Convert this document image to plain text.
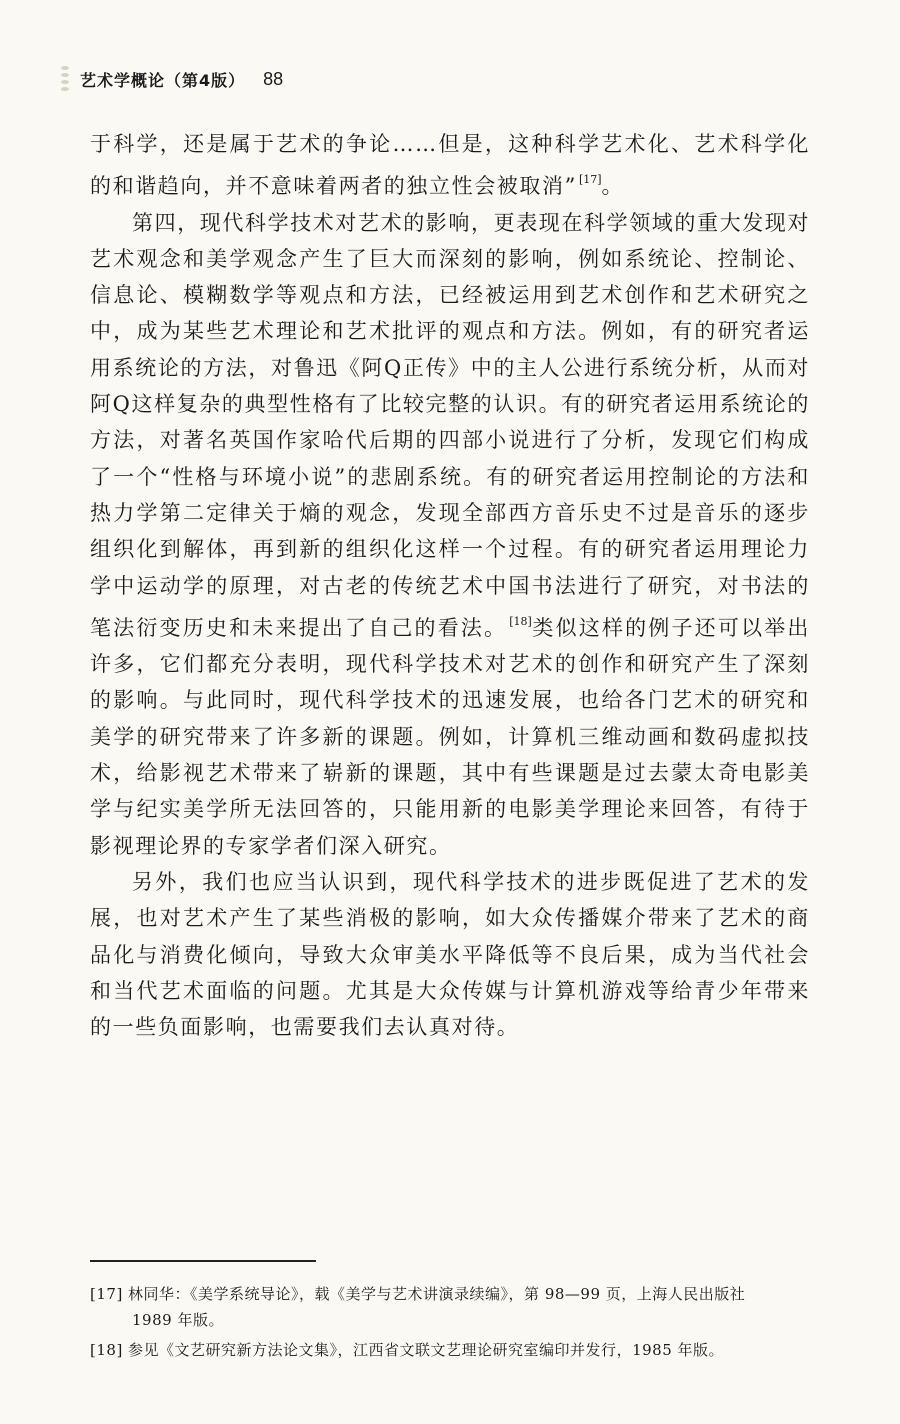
艺术学概论（第4版） 88

于科学，还是属于艺术的争论……但是，这种科学艺术化、艺术科学化的和谐趋向，并不意味着两者的独立性会被取消” [17]。

第四，现代科学技术对艺术的影响，更表现在科学领域的重大发现对艺术观念和美学观念产生了巨大而深刻的影响，例如系统论、控制论、信息论、模糊数学等观点和方法，已经被运用到艺术创作和艺术研究之中，成为某些艺术理论和艺术批评的观点和方法。例如，有的研究者运用系统论的方法，对鲁迅《阿Q正传》中的主人公进行系统分析，从而对阿Q这样复杂的典型性格有了比较完整的认识。有的研究者运用系统论的方法，对著名英国作家哈代后期的四部小说进行了分析，发现它们构成了一个“性格与环境小说”的悲剧系统。有的研究者运用控制论的方法和热力学第二定律关于熵的观念，发现全部西方音乐史不过是音乐的逐步组织化到解体，再到新的组织化这样一个过程。有的研究者运用理论力学中运动学的原理，对古老的传统艺术中国书法进行了研究，对书法的笔法衍变历史和未来提出了自己的看法。 [18]类似这样的例子还可以举出许多，它们都充分表明，现代科学技术对艺术的创作和研究产生了深刻的影响。与此同时，现代科学技术的迅速发展，也给各门艺术的研究和美学的研究带来了许多新的课题。例如，计算机三维动画和数码虚拟技术，给影视艺术带来了崭新的课题，其中有些课题是过去蒙太奇电影美学与纪实美学所无法回答的，只能用新的电影美学理论来回答，有待于影视理论界的专家学者们深入研究。

另外，我们也应当认识到，现代科学技术的进步既促进了艺术的发展，也对艺术产生了某些消极的影响，如大众传播媒介带来了艺术的商品化与消费化倾向，导致大众审美水平降低等不良后果，成为当代社会和当代艺术面临的问题。尤其是大众传媒与计算机游戏等给青少年带来的一些负面影响，也需要我们去认真对待。

[17] 林同华：《美学系统导论》，载《美学与艺术讲演录续编》，第 98—99 页，上海人民出版社
1989 年版。

[18] 参见《文艺研究新方法论文集》，江西省文联文艺理论研究室编印并发行，1985 年版。
